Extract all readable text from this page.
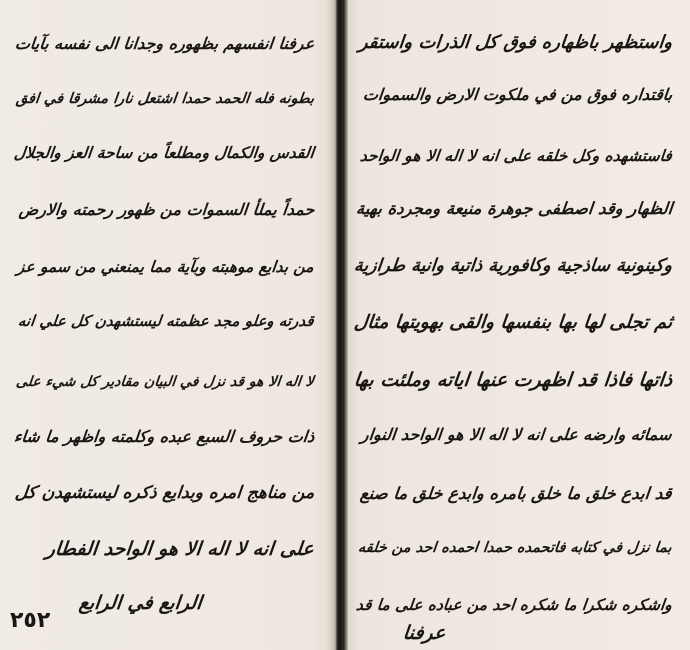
عرفنا انفسهم بظهوره وجدانا الى نفسه بآيات
بطونه فله الحمد حمدا اشتعل نارا مشرقا في افق
القدس والكمال ومطلعاً من ساحة العز والجلال
حمداً يملأ السموات من ظهور رحمته والارض
من بدايع موهبته وبآية مما يمنعني من سمو عز
قدرته وعلو مجد عظمته ليستشهدن كل علي انه
لا اله الا هو قد نزل في البيان مقادير كل شيء على
ذات حروف السبع عبده وكلمته واظهر ما شاء
من مناهج امره وبدايع ذكره ليستشهدن كل
على انه لا اله الا هو الواحد الفطار
الرابع في الرابع
٢٥٢
واستظهر باظهاره فوق كل الذرات واستقر
باقتداره فوق من في ملكوت الارض والسموات
فاستشهده وكل خلقه على انه لا اله الا هو الواحد
الظهار وقد اصطفى جوهرة منيعة ومجردة بهية
وكينونية ساذجية وكافورية ذاتية وانية طرازية
ثم تجلى لها بها بنفسها والقى بهويتها مثال
ذاتها فاذا قد اظهرت عنها اياته وملئت بها
سمائه وارضه على انه لا اله الا هو الواحد النوار
قد ابدع خلق ما خلق بامره وابدع خلق ما صنع
بما نزل في كتابه فاتحمده حمدا احمده احد من خلقه
واشكره شكرا ما شكره احد من عباده على ما قد
عرفنا
